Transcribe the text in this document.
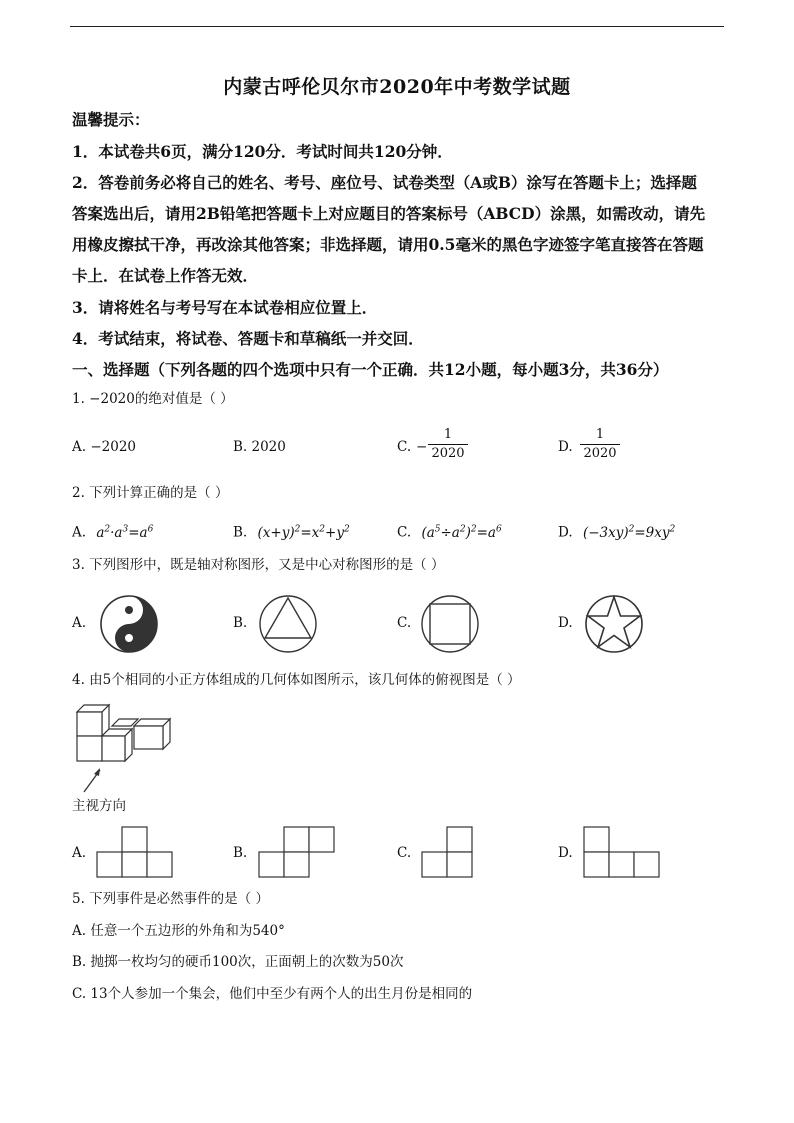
内蒙古呼伦贝尔市2020年中考数学试题
温馨提示：
1．本试卷共6页，满分120分．考试时间共120分钟．
2．答卷前务必将自己的姓名、考号、座位号、试卷类型（A或B）涂写在答题卡上；选择题
答案选出后，请用2B铅笔把答题卡上对应题目的答案标号（ABCD）涂黑，如需改动，请先
用橡皮擦拭干净，再改涂其他答案；非选择题，请用0.5毫米的黑色字迹签字笔直接答在答题
卡上．在试卷上作答无效．
3．请将姓名与考号写在本试卷相应位置上．
4．考试结束，将试卷、答题卡和草稿纸一并交回．
一、选择题（下列各题的四个选项中只有一个正确．共12小题，每小题3分，共36分）
1. −2020的绝对值是（ ）
A. −2020	B. 2020	C. −
1
2020	D.
1
2020
2. 下列计算正确的是（ ）
A. $a^2\cdot a^3=a^6$	B. $(x+y)^2=x^2+y^2$	C. $(a^5\div a^2)^2=a^6$	D. $(-3xy)^2=9xy^2$
3. 下列图形中，既是轴对称图形，又是中心对称图形的是（ ）
A.	B.	C.	D.
4. 由5个相同的小正方体组成的几何体如图所示，该几何体的俯视图是（ ）
主视方向
A.	B.	C.	D.
5. 下列事件是必然事件的是（ ）
A. 任意一个五边形的外角和为540°
B. 抛掷一枚均匀的硬币100次，正面朝上的次数为50次
C. 13个人参加一个集会，他们中至少有两个人的出生月份是相同的
